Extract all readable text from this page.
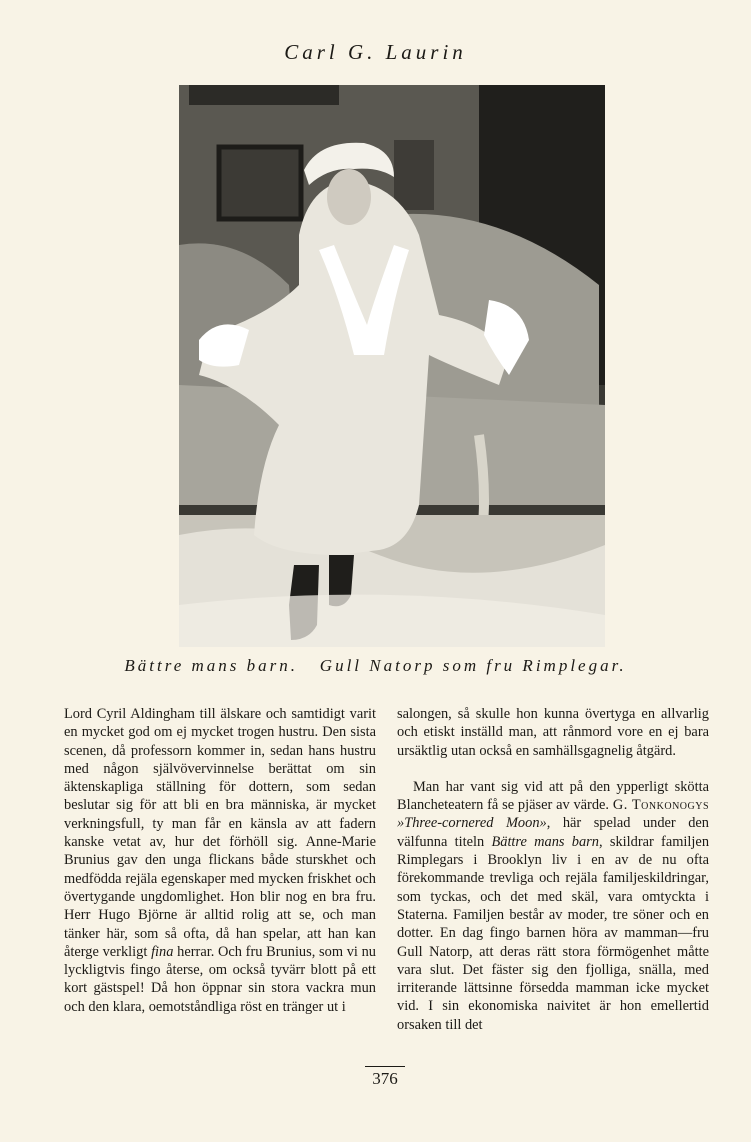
Carl G. Laurin

Bättre mans barn. Gull Natorp som fru Rimplegar.

Lord Cyril Aldingham till älskare och samtidigt varit en mycket god om ej mycket trogen hustru. Den sista scenen, då professorn kommer in, sedan hans hustru med någon självövervinnelse berättat om sin äktenskapliga ställning för dottern, som sedan beslutar sig för att bli en bra människa, är mycket verkningsfull, ty man får en känsla av att fadern kanske vetat av, hur det förhöll sig. Anne-Marie Brunius gav den unga flickans både sturskhet och medfödda rejäla egenskaper med mycken friskhet och övertygande ungdomlighet. Hon blir nog en bra fru. Herr Hugo Björne är alltid rolig att se, och man tänker här, som så ofta, då han spelar, att han kan återge verkligt fina herrar. Och fru Brunius, som vi nu lyckligtvis fingo återse, om också tyvärr blott på ett kort gästspel! Då hon öppnar sin stora vackra mun och den klara, oemotståndliga röst en tränger ut i

salongen, så skulle hon kunna övertyga en allvarlig och etiskt inställd man, att rånmord vore en ej bara ursäktlig utan också en samhällsgagnelig åtgärd.

Man har vant sig vid att på den ypperligt skötta Blancheteatern få se pjäser av värde. G. Tonkonogys »Three-cornered Moon», här spelad under den välfunna titeln Bättre mans barn, skildrar familjen Rimplegars i Brooklyn liv i en av de nu ofta förekommande trevliga och rejäla familjeskildringar, som tyckas, och det med skäl, vara omtyckta i Staterna. Familjen består av moder, tre söner och en dotter. En dag fingo barnen höra av mamman—fru Gull Natorp, att deras rätt stora förmögenhet måtte vara slut. Det fäster sig den fjolliga, snälla, med irriterande lättsinne försedda mamman icke mycket vid. I sin ekonomiska naivitet är hon emellertid orsaken till det

376
